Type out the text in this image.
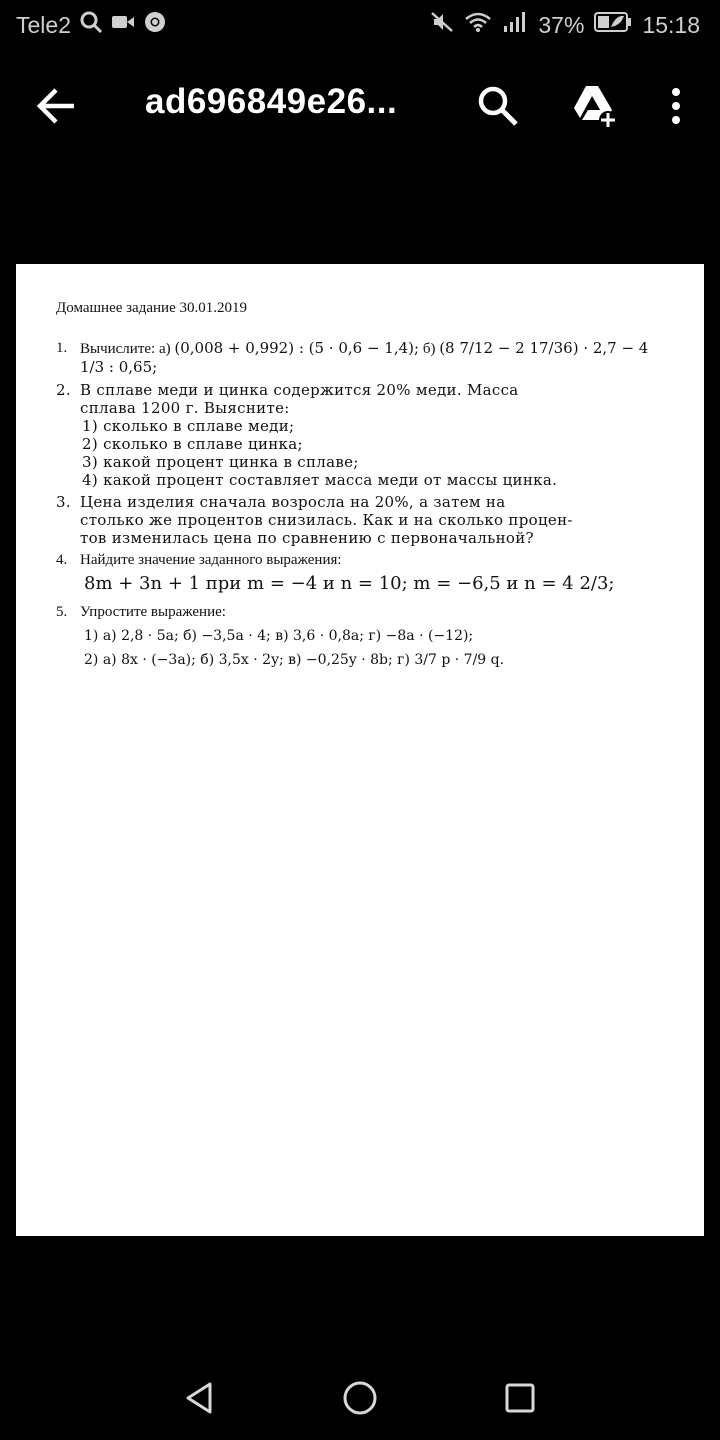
Tele2	37%	15:18
ad696849e26...
Домашнее задание 30.01.2019
1. Вычислите: а) (0,008 + 0,992) : (5 · 0,6 − 1,4); б) (8 7/12 − 2 17/36) · 2,7 − 4 1/3 : 0,65;
2. В сплаве меди и цинка содержится 20% меди. Масса
сплава 1200 г. Выясните:
1) сколько в сплаве меди;
2) сколько в сплаве цинка;
3) какой процент цинка в сплаве;
4) какой процент составляет масса меди от массы цинка.
3. Цена изделия сначала возросла на 20%, а затем на
столько же процентов снизилась. Как и на сколько процен-
тов изменилась цена по сравнению с первоначальной?
4. Найдите значение заданного выражения:
8m + 3n + 1 при m = −4 и n = 10; m = −6,5 и n = 4 2/3;
5. Упростите выражение:
1) а) 2,8 · 5a; б) −3,5a · 4; в) 3,6 · 0,8a; г) −8a · (−12);
2) а) 8x · (−3a); б) 3,5x · 2y; в) −0,25y · 8b; г) 3/7 p · 7/9 q.
